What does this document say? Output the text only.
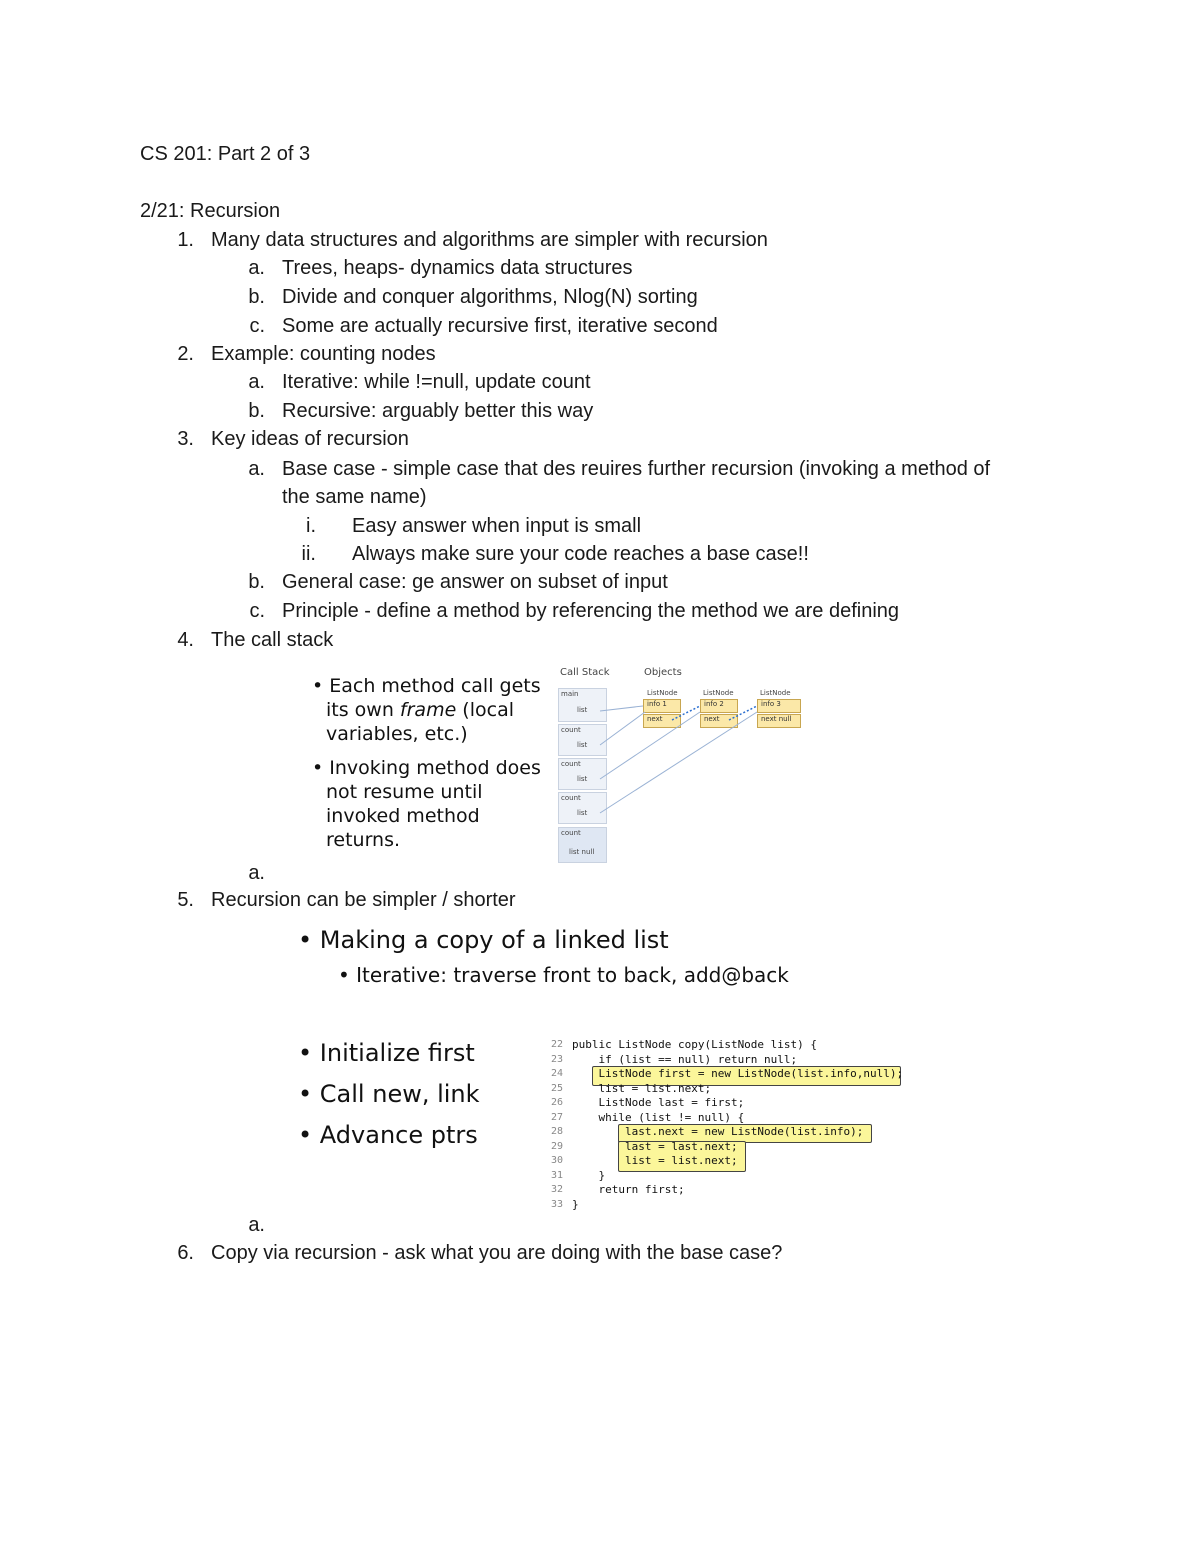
CS 201: Part 2 of 3
2/21: Recursion
1. Many data structures and algorithms are simpler with recursion
a. Trees, heaps- dynamics data structures
b. Divide and conquer algorithms, Nlog(N) sorting
c. Some are actually recursive first, iterative second
2. Example: counting nodes
a. Iterative: while !=null, update count
b. Recursive: arguably better this way
3. Key ideas of recursion
a. Base case - simple case that des reuires further recursion (invoking a method of
the same name)
i. Easy answer when input is small
ii. Always make sure your code reaches a base case!!
b. General case: ge answer on subset of input
c. Principle - define a method by referencing the method we are defining
4. The call stack
• Each method call gets
its own frame (local
variables, etc.)
• Invoking method does
not resume until
invoked method
returns.
Call Stack	Objects
main
list
count
list
count
list
count
list
count
list null
ListNode
info 1
next
ListNode
info 2
next
ListNode
info 3
next null
a.
5. Recursion can be simpler / shorter
• Making a copy of a linked list
• Iterative: traverse front to back, add@back
• Initialize first
• Call new, link
• Advance ptrs
22
23
24
25
26
27
28
29
30
31
32
33
public ListNode copy(ListNode list) {
if (list == null) return null;
ListNode first = new ListNode(list.info,null);
list = list.next;
ListNode last = first;
while (list != null) {
last.next = new ListNode(list.info);
last = last.next;
list = list.next;
}
return first;
}
a.
6. Copy via recursion - ask what you are doing with the base case?
